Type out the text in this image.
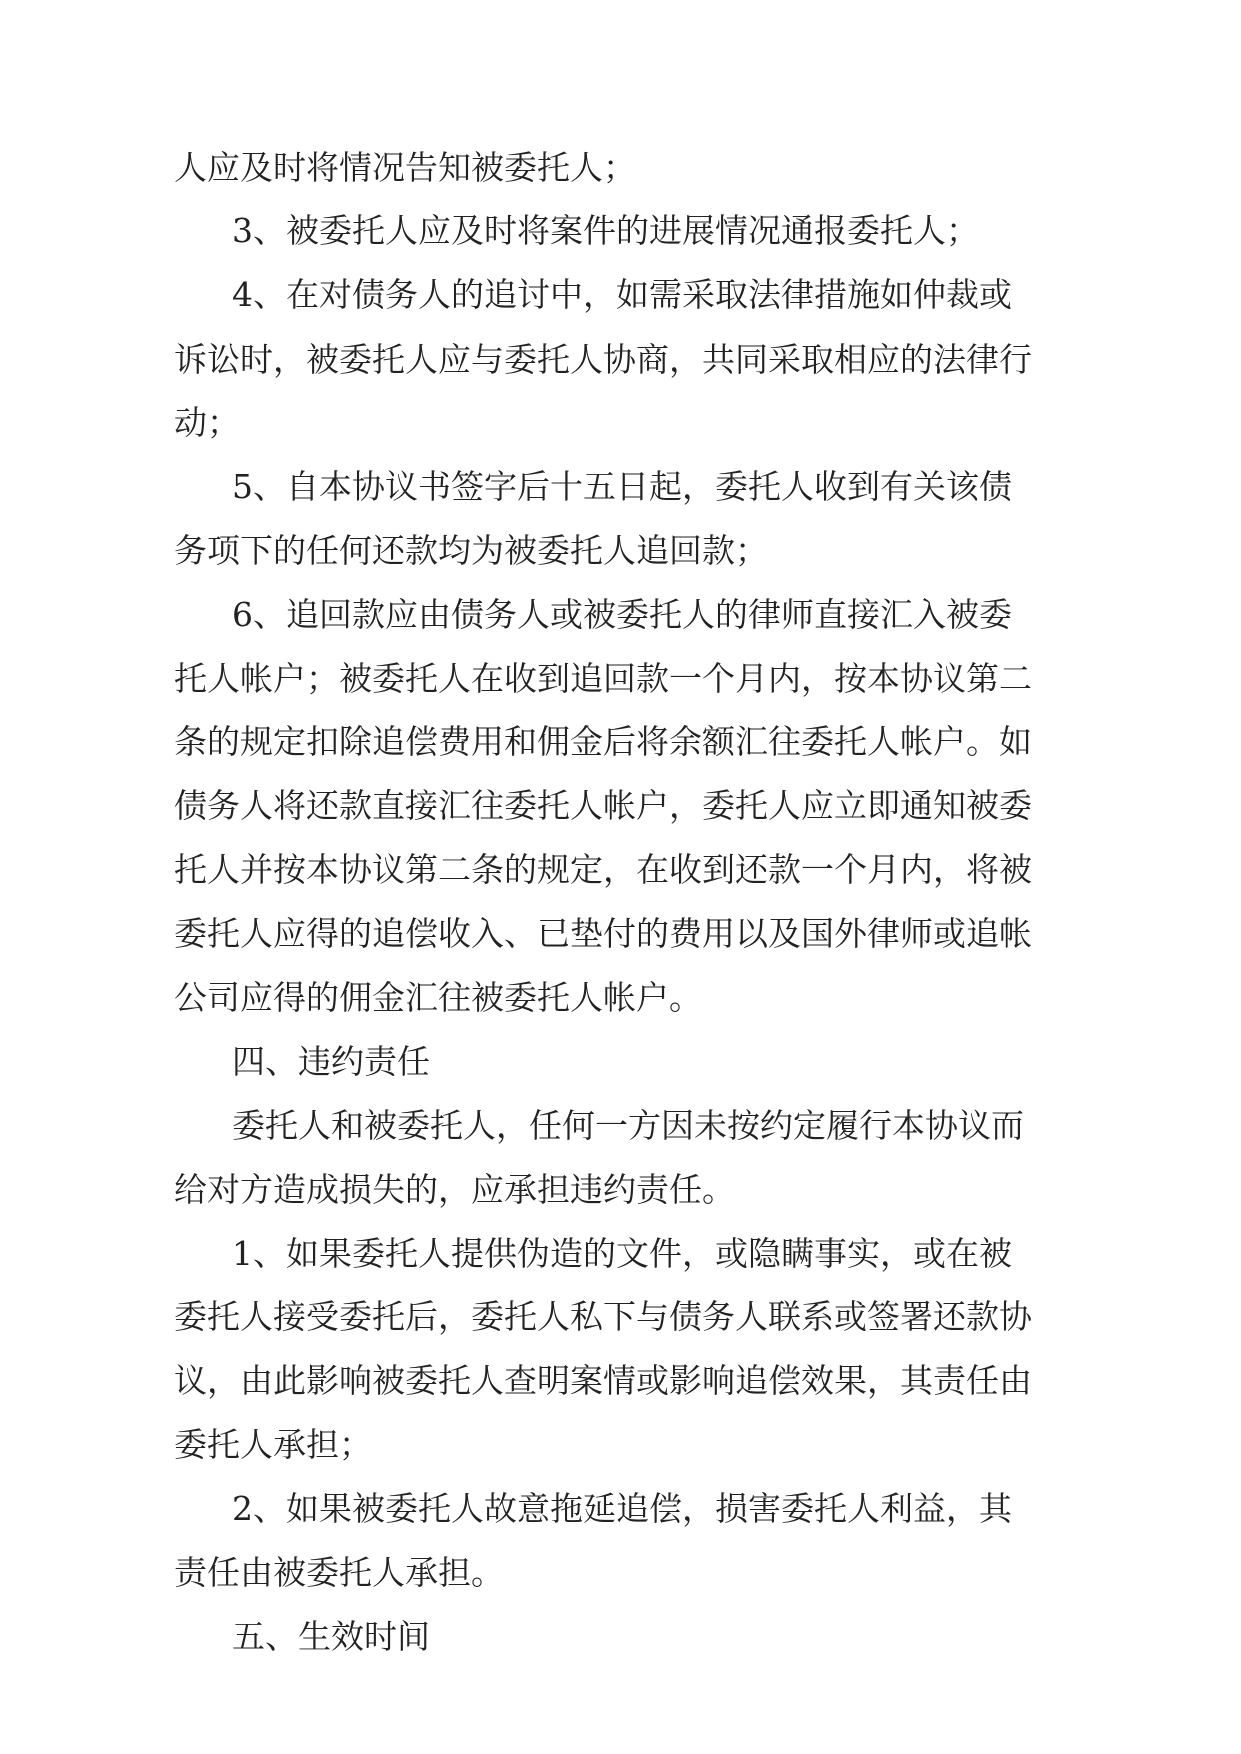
人应及时将情况告知被委托人；
3、被委托人应及时将案件的进展情况通报委托人；
4、在对债务人的追讨中，如需采取法律措施如仲裁或
诉讼时，被委托人应与委托人协商，共同采取相应的法律行
动；
5、自本协议书签字后十五日起，委托人收到有关该债
务项下的任何还款均为被委托人追回款；
6、追回款应由债务人或被委托人的律师直接汇入被委
托人帐户；被委托人在收到追回款一个月内，按本协议第二
条的规定扣除追偿费用和佣金后将余额汇往委托人帐户。如
债务人将还款直接汇往委托人帐户，委托人应立即通知被委
托人并按本协议第二条的规定，在收到还款一个月内，将被
委托人应得的追偿收入、已垫付的费用以及国外律师或追帐
公司应得的佣金汇往被委托人帐户。
四、违约责任
委托人和被委托人，任何一方因未按约定履行本协议而
给对方造成损失的，应承担违约责任。
1、如果委托人提供伪造的文件，或隐瞒事实，或在被
委托人接受委托后，委托人私下与债务人联系或签署还款协
议，由此影响被委托人查明案情或影响追偿效果，其责任由
委托人承担；
2、如果被委托人故意拖延追偿，损害委托人利益，其
责任由被委托人承担。
五、生效时间
